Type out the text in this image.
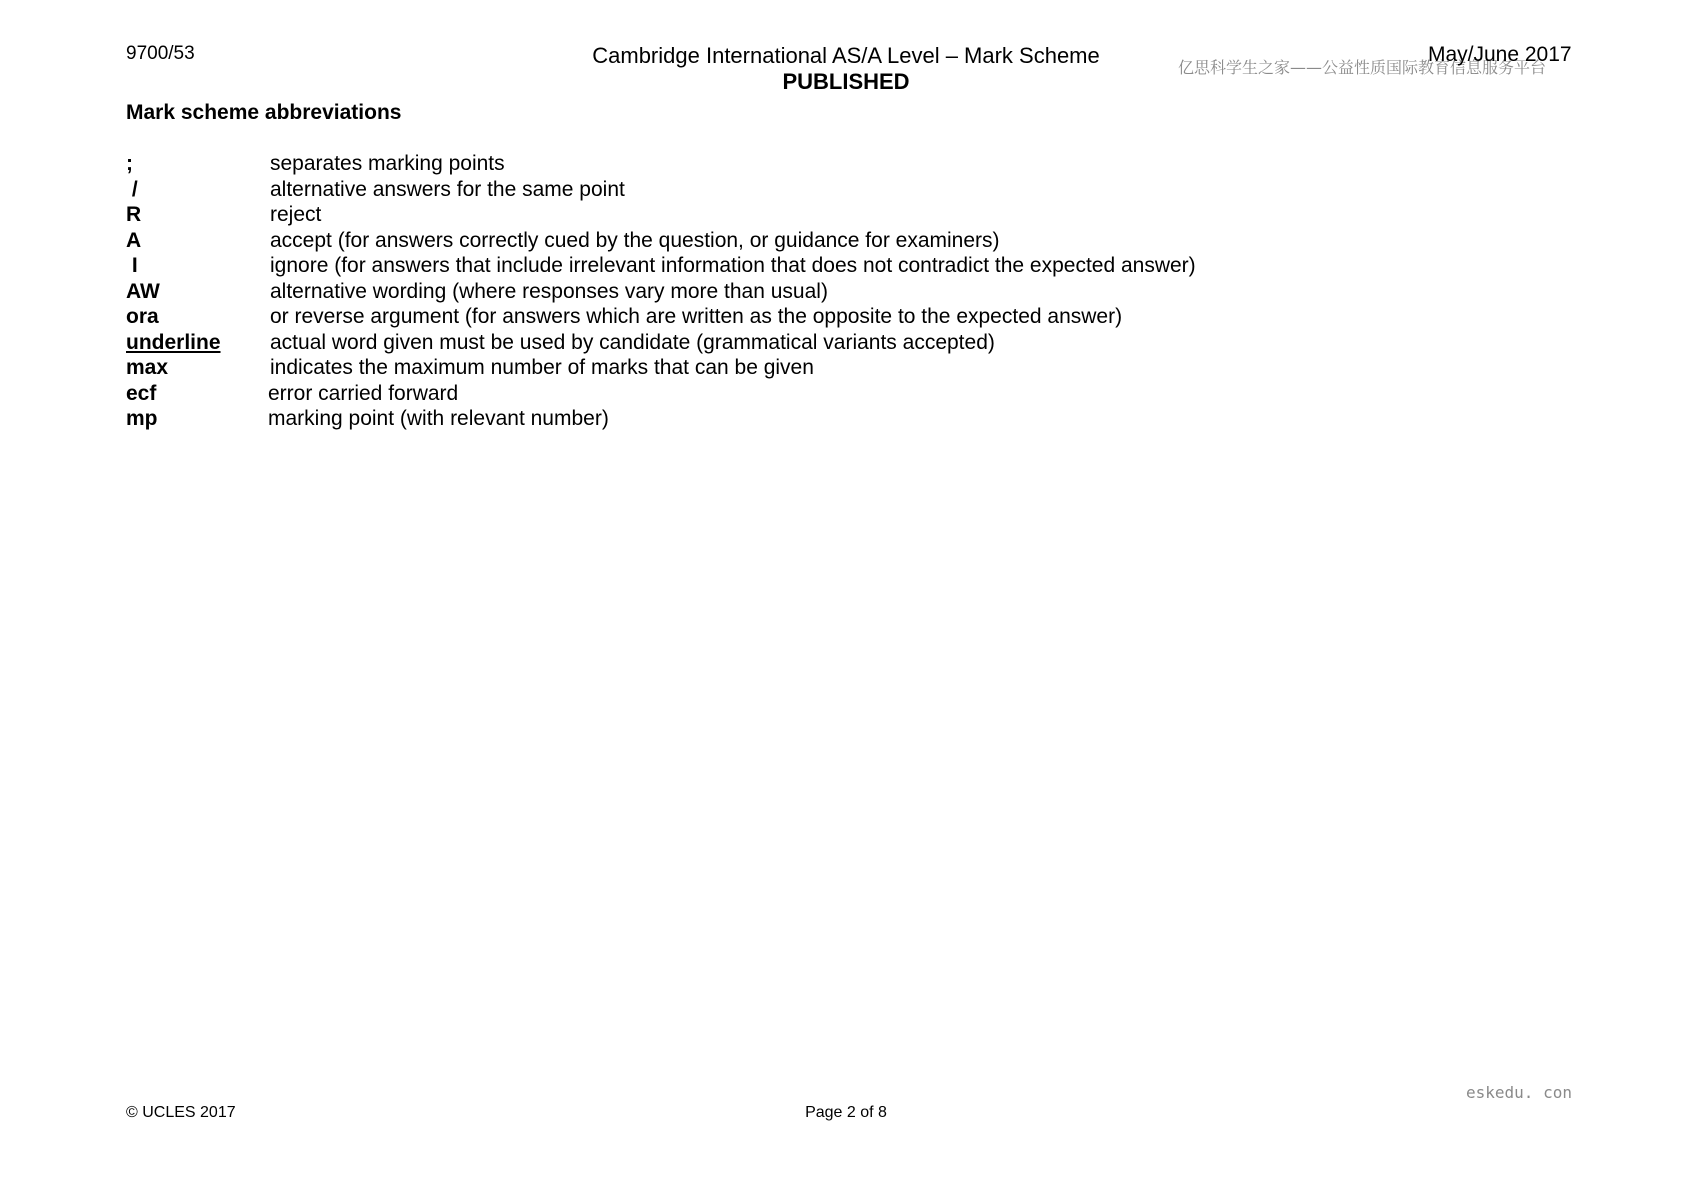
9700/53	Cambridge International AS/A Level – Mark Scheme
PUBLISHED
亿思科学生之家——公益性质国际教育信息服务平台
May/June 2017
Mark scheme abbreviations
;	separates marking points
/	alternative answers for the same point
R	reject
A	accept (for answers correctly cued by the question, or guidance for examiners)
I	ignore (for answers that include irrelevant information that does not contradict the expected answer)
AW	alternative wording (where responses vary more than usual)
ora	or reverse argument (for answers which are written as the opposite to the expected answer)
underline actual word given must be used by candidate (grammatical variants accepted)
max	indicates the maximum number of marks that can be given
ecf	error carried forward
mp	marking point (with relevant number)
eskedu. con
© UCLES 2017	Page 2 of 8
